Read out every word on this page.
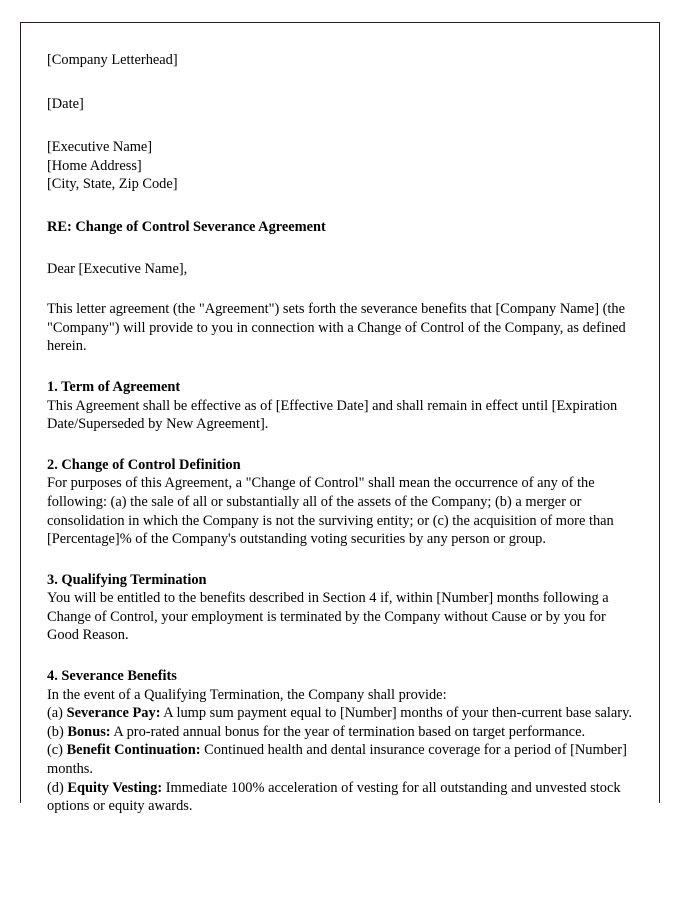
[Company Letterhead]
[Date]
[Executive Name]
[Home Address]
[City, State, Zip Code]
RE: Change of Control Severance Agreement
Dear [Executive Name],
This letter agreement (the "Agreement") sets forth the severance benefits that [Company Name] (the "Company") will provide to you in connection with a Change of Control of the Company, as defined herein.
1. Term of Agreement
This Agreement shall be effective as of [Effective Date] and shall remain in effect until [Expiration Date/Superseded by New Agreement].
2. Change of Control Definition
For purposes of this Agreement, a "Change of Control" shall mean the occurrence of any of the following: (a) the sale of all or substantially all of the assets of the Company; (b) a merger or consolidation in which the Company is not the surviving entity; or (c) the acquisition of more than [Percentage]% of the Company's outstanding voting securities by any person or group.
3. Qualifying Termination
You will be entitled to the benefits described in Section 4 if, within [Number] months following a Change of Control, your employment is terminated by the Company without Cause or by you for Good Reason.
4. Severance Benefits
In the event of a Qualifying Termination, the Company shall provide:
(a) Severance Pay: A lump sum payment equal to [Number] months of your then-current base salary.
(b) Bonus: A pro-rated annual bonus for the year of termination based on target performance.
(c) Benefit Continuation: Continued health and dental insurance coverage for a period of [Number] months.
(d) Equity Vesting: Immediate 100% acceleration of vesting for all outstanding and unvested stock options or equity awards.
